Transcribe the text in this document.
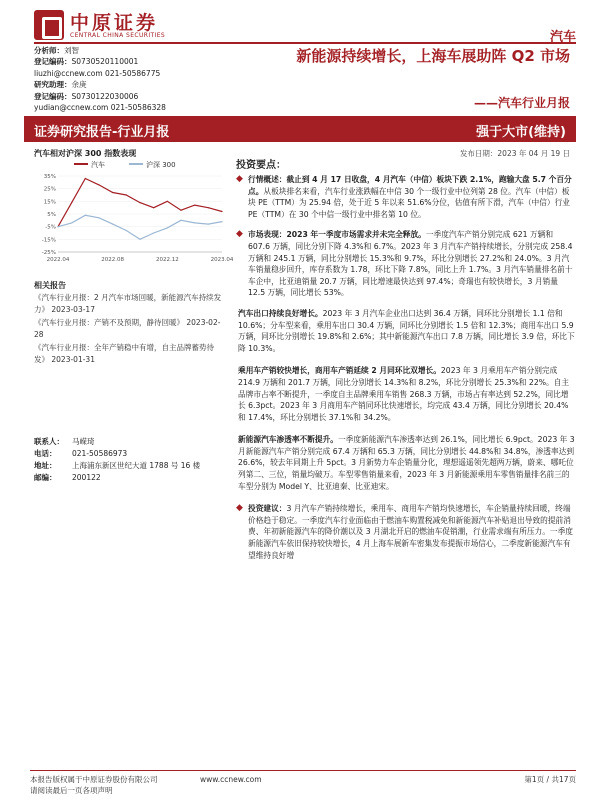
中原证券
CENTRAL CHINA SECURITIES	汽车
分析师：刘智
登记编码：S0730520110001
liuzhi@ccnew.com 021-50586775
研究助理：余庚
登记编码：S0730122030006
yudian@ccnew.com 021-50586328
新能源持续增长，上海车展助阵 Q2 市场
——汽车行业月报
证券研究报告-行业月报	强于大市(维持)
汽车相对沪深 300 指数表现	发布日期：2023 年 04 月 19 日
汽车	沪深 300
35%
25%
15%
5%
-5%
-15%
-25%
2022.04	2022.08	2022.12	2023.04
相关报告
《汽车行业月报：2 月汽车市场回暖，新能源汽车持续发力》 2023-03-17
《汽车行业月报：产销不及预期，静待回暖》 2023-02-28
《汽车行业月报：全年产销稳中有增，自主品牌蓄势待发》 2023-01-31
联系人：	马嵘琦
电话：	021-50586973
地址：	上海浦东新区世纪大道 1788 号 16 楼
邮编：	200122
投资要点：
◆ 行情概述：截止到 4 月 17 日收盘，4 月汽车（中信）板块下跌 2.1%，跑输大盘 5.7 个百分点。从板块排名来看，汽车行业涨跌幅在中信 30 个一级行业中位列第 28 位。汽车（中信）板块 PE（TTM）为 25.94 倍，处于近 5 年以来 51.6%分位，估值有所下滑，汽车（中信）行业 PE（TTM）在 30 个中信一级行业中排名第 10 位。
◆ 市场表现：2023 年一季度市场需求并未完全释放。一季度汽车产销分别完成 621 万辆和 607.6 万辆，同比分别下降 4.3%和 6.7%。2023 年 3 月汽车产销持续增长，分别完成 258.4 万辆和 245.1 万辆，同比分别增长 15.3%和 9.7%，环比分别增长 27.2%和 24.0%。3 月汽车销量稳步回升，库存系数为 1.78，环比下降 7.8%，同比上升 1.7%。3 月汽车销量排名前十车企中，比亚迪销量 20.7 万辆，同比增速最快达到 97.4%；奇瑞也有较快增长，3 月销量 12.5 万辆，同比增长 53%。
汽车出口持续良好增长。2023 年 3 月汽车企业出口达到 36.4 万辆，同环比分别增长 1.1 倍和 10.6%；分车型来看，乘用车出口 30.4 万辆，同环比分别增长 1.5 倍和 12.3%；商用车出口 5.9 万辆，同环比分别增长 19.8%和 2.6%；其中新能源汽车出口 7.8 万辆，同比增长 3.9 倍，环比下降 10.3%。
乘用车产销较快增长，商用车产销延续 2 月同环比双增长。2023 年 3 月乘用车产销分别完成 214.9 万辆和 201.7 万辆，同比分别增长 14.3%和 8.2%，环比分别增长 25.3%和 22%。自主品牌市占率不断提升，一季度自主品牌乘用车销售 268.3 万辆，市场占有率达到 52.2%，同比增长 6.3pct。2023 年 3 月商用车产销同环比快速增长，均完成 43.4 万辆，同比分别增长 20.4%和 17.4%，环比分别增长 37.1%和 34.2%。
新能源汽车渗透率不断提升。一季度新能源汽车渗透率达到 26.1%，同比增长 6.9pct。2023 年 3 月新能源汽车产销分别完成 67.4 万辆和 65.3 万辆，同比分别增长 44.8%和 34.8%，渗透率达到 26.6%，较去年同期上升 5pct。3 月新势力车企销量分化，理想遥遥领先超两万辆，蔚来、哪吒位列第二、三位，销量均破万。车型零售销量来看，2023 年 3 月新能源乘用车零售销量排名前三的车型分别为 Model Y、比亚迪秦、比亚迪宋。
◆ 投资建议：3 月汽车产销持续增长，乘用车、商用车产销均快速增长，车企销量持续回暖，终端价格趋于稳定。一季度汽车行业面临由于燃油车购置税减免和新能源汽车补贴退出导致的提前消费、年初新能源汽车的降价潮以及 3 月湖北开启的燃油车促销潮，行业需求端有所压力。一季度新能源汽车依旧保持较快增长，4 月上海车展新车密集发布提振市场信心，二季度新能源汽车有望维持良好增
本报告版权属于中原证券股份有限公司	www.ccnew.com	第1页 / 共17页
请阅读最后一页各项声明
